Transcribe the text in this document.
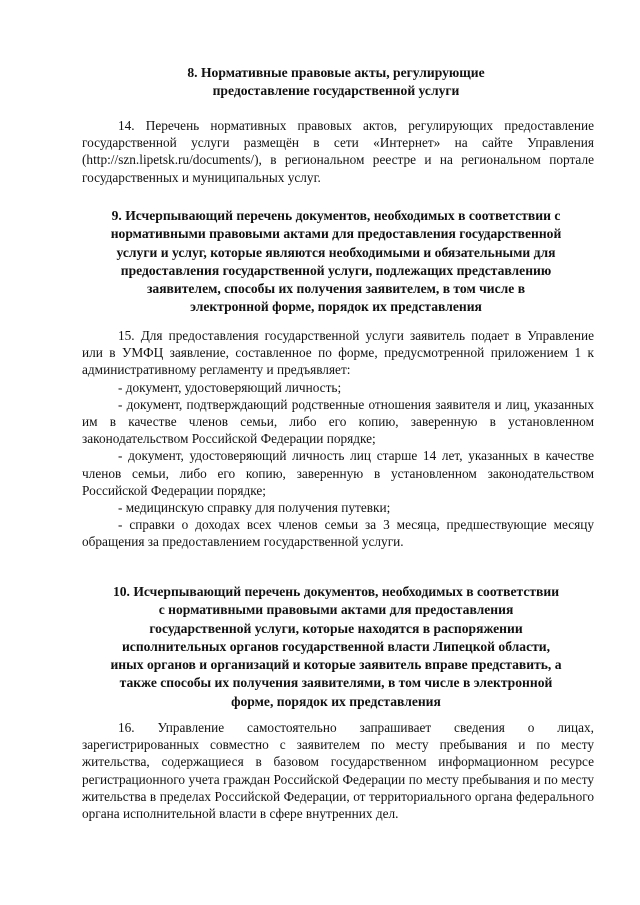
8. Нормативные правовые акты, регулирующие
предоставление государственной услуги

14. Перечень нормативных правовых актов, регулирующих предоставление государственной услуги размещён в сети «Интернет» на сайте Управления (http://szn.lipetsk.ru/documents/), в региональном реестре и на региональном портале государственных и муниципальных услуг.

9. Исчерпывающий перечень документов, необходимых в соответствии с
нормативными правовыми актами для предоставления государственной
услуги и услуг, которые являются необходимыми и обязательными для
предоставления государственной услуги, подлежащих представлению
заявителем, способы их получения заявителем, в том числе в
электронной форме, порядок их представления

15. Для предоставления государственной услуги заявитель подает в Управление или в УМФЦ заявление, составленное по форме, предусмотренной приложением 1 к административному регламенту и предъявляет:

- документ, удостоверяющий личность;

- документ, подтверждающий родственные отношения заявителя и лиц, указанных им в качестве членов семьи, либо его копию, заверенную в установленном законодательством Российской Федерации порядке;

- документ, удостоверяющий личность лиц старше 14 лет, указанных в качестве членов семьи, либо его копию, заверенную в установленном законодательством Российской Федерации порядке;

- медицинскую справку для получения путевки;

- справки о доходах всех членов семьи за 3 месяца, предшествующие месяцу обращения за предоставлением государственной услуги.

10. Исчерпывающий перечень документов, необходимых в соответствии
с нормативными правовыми актами для предоставления
государственной услуги, которые находятся в распоряжении
исполнительных органов государственной власти Липецкой области,
иных органов и организаций и которые заявитель вправе представить, а
также способы их получения заявителями, в том числе в электронной
форме, порядок их представления

16. Управление самостоятельно запрашивает сведения о лицах, зарегистрированных совместно с заявителем по месту пребывания и по месту жительства, содержащиеся в базовом государственном информационном ресурсе регистрационного учета граждан Российской Федерации по месту пребывания и по месту жительства в пределах Российской Федерации, от территориального органа федерального органа исполнительной власти в сфере внутренних дел.
